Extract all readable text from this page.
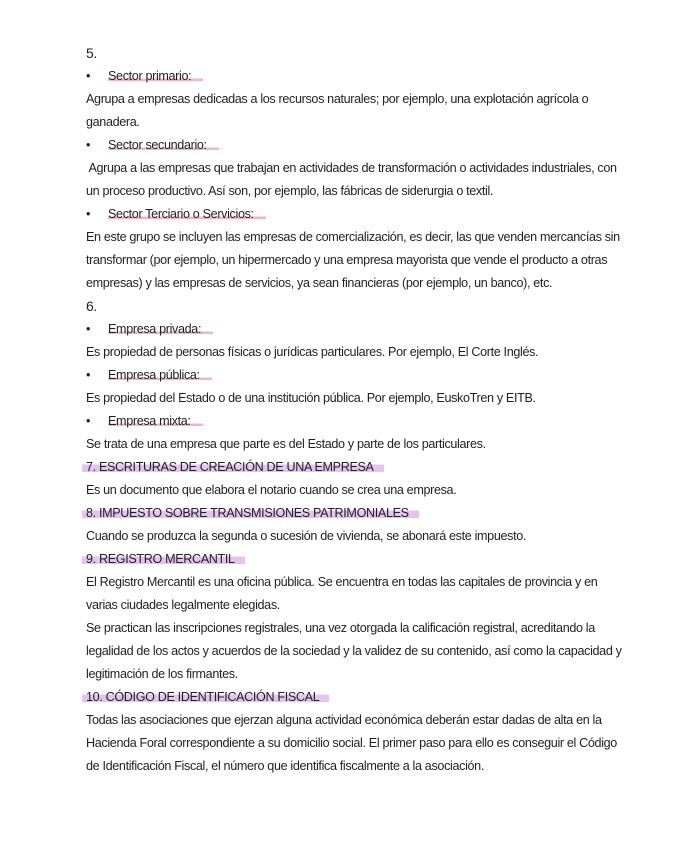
5.
• Sector primario:
Agrupa a empresas dedicadas a los recursos naturales; por ejemplo, una explotación agrícola o
ganadera.
• Sector secundario:
Agrupa a las empresas que trabajan en actividades de transformación o actividades industriales, con
un proceso productivo. Así son, por ejemplo, las fábricas de siderurgia o textil.
• Sector Terciario o Servicios:
En este grupo se incluyen las empresas de comercialización, es decir, las que venden mercancías sin
transformar (por ejemplo, un hipermercado y una empresa mayorista que vende el producto a otras
empresas) y las empresas de servicios, ya sean financieras (por ejemplo, un banco), etc.
6.
• Empresa privada:
Es propiedad de personas físicas o jurídicas particulares. Por ejemplo, El Corte Inglés.
• Empresa pública:
Es propiedad del Estado o de una institución pública. Por ejemplo, EuskoTren y EITB.
• Empresa mixta:
Se trata de una empresa que parte es del Estado y parte de los particulares.
7. ESCRITURAS DE CREACIÓN DE UNA EMPRESA
Es un documento que elabora el notario cuando se crea una empresa.
8. IMPUESTO SOBRE TRANSMISIONES PATRIMONIALES
Cuando se produzca la segunda o sucesión de vivienda, se abonará este impuesto.
9. REGISTRO MERCANTIL
El Registro Mercantil es una oficina pública. Se encuentra en todas las capitales de provincia y en
varias ciudades legalmente elegidas.
Se practican las inscripciones registrales, una vez otorgada la calificación registral, acreditando la
legalidad de los actos y acuerdos de la sociedad y la validez de su contenido, así como la capacidad y
legitimación de los firmantes.
10. CÓDIGO DE IDENTIFICACIÓN FISCAL
Todas las asociaciones que ejerzan alguna actividad económica deberán estar dadas de alta en la
Hacienda Foral correspondiente a su domicilio social. El primer paso para ello es conseguir el Código
de Identificación Fiscal, el número que identifica fiscalmente a la asociación.
